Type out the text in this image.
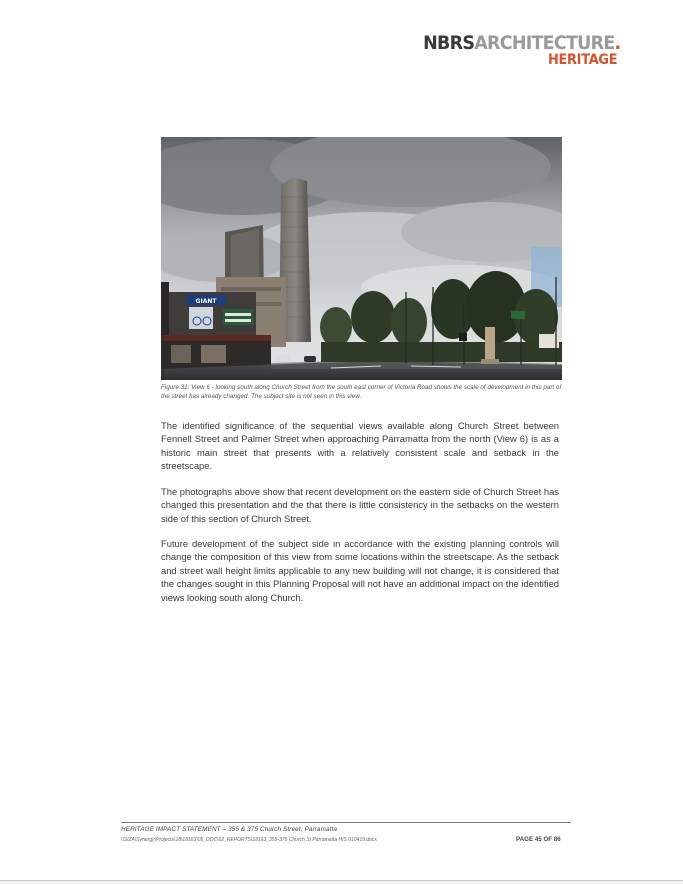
NBRSARCHITECTURE.
HERITAGE
GIANT
Figure 31: View 6 - looking south along Church Street from the south east corner of Victoria Road shows the scale of development in this part of the street has already changed. The subject site is not seen in this view.

The identified significance of the sequential views available along Church Street between Fennell Street and Palmer Street when approaching Parramatta from the north (View 6) is as a historic main street that presents with a relatively consistent scale and setback in the streetscape.

The photographs above show that recent development on the eastern side of Church Street has changed this presentation and the that there is little consistency in the setbacks on the western side of this section of Church Street.

Future development of the subject side in accordance with the existing planning controls will change the composition of this view from some locations within the streetscape. As the setback and street wall height limits applicable to any new building will not change, it is considered that the changes sought in this Planning Proposal will not have an additional impact on the identified views looking south along Church.

HERITAGE IMPACT STATEMENT – 355 & 375 Church Street, Parramatta
\\SIZA\Synergy\Projects\18\18163\05_DOC\02_REPORTS\18163_355-375 Church St Parramatta HIS 010419.docx	PAGE 45 OF 86
